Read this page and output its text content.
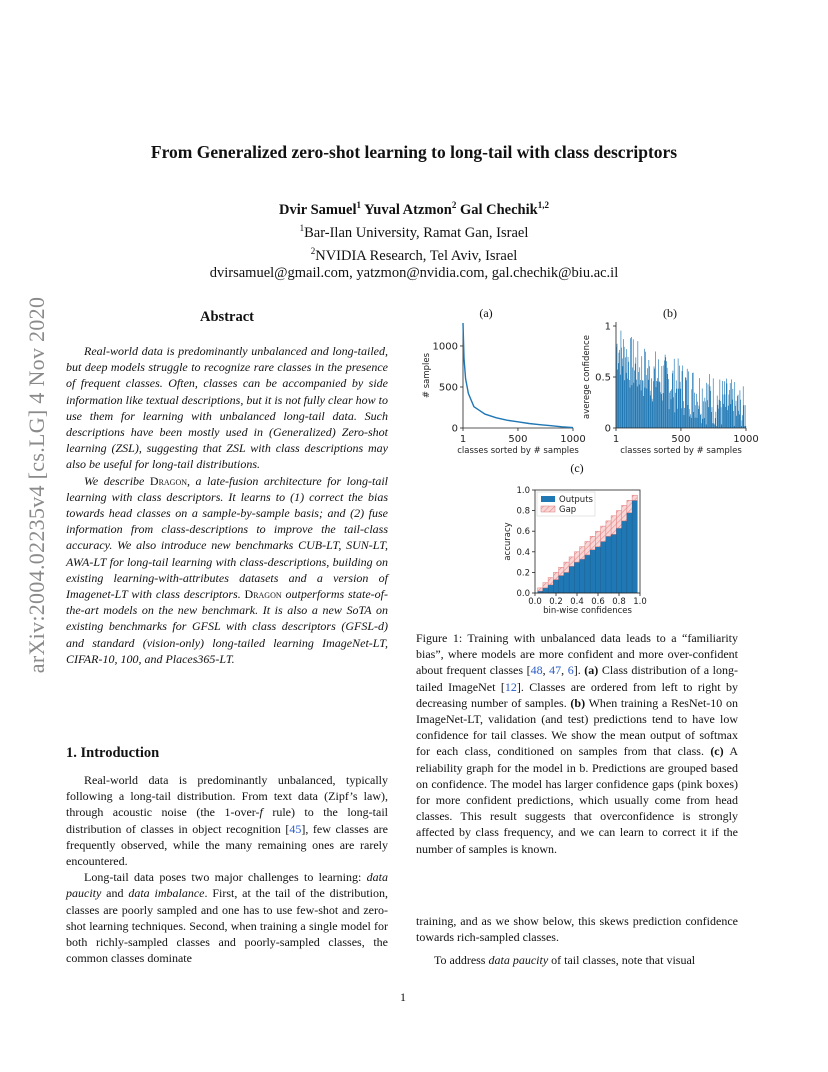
arXiv:2004.02235v4 [cs.LG] 4 Nov 2020
From Generalized zero-shot learning to long-tail with class descriptors
Dvir Samuel$^1$ Yuval Atzmon$^2$ Gal Chechik$^{1,2}$
$^1$Bar-Ilan University, Ramat Gan, Israel
$^2$NVIDIA Research, Tel Aviv, Israel
dvirsamuel@gmail.com, yatzmon@nvidia.com, gal.chechik@biu.ac.il
Abstract

Real-world data is predominantly unbalanced and long-tailed, but deep models struggle to recognize rare classes in the presence of frequent classes. Often, classes can be accompanied by side information like textual descriptions, but it is not fully clear how to use them for learning with unbalanced long-tail data. Such descriptions have been mostly used in (Generalized) Zero-shot learning (ZSL), suggesting that ZSL with class descriptions may also be useful for long-tail distributions.

We describe Dragon, a late-fusion architecture for long-tail learning with class descriptors. It learns to (1) correct the bias towards head classes on a sample-by-sample basis; and (2) fuse information from class-descriptions to improve the tail-class accuracy. We also introduce new benchmarks CUB-LT, SUN-LT, AWA-LT for long-tail learning with class-descriptions, building on existing learning-with-attributes datasets and a version of Imagenet-LT with class descriptors. Dragon outperforms state-of-the-art models on the new benchmark. It is also a new SoTA on existing benchmarks for GFSL with class descriptors (GFSL-d) and standard (vision-only) long-tailed learning ImageNet-LT, CIFAR-10, 100, and Places365-LT.

1. Introduction

Real-world data is predominantly unbalanced, typically following a long-tail distribution. From text data (Zipf’s law), through acoustic noise (the 1-over-f rule) to the long-tail distribution of classes in object recognition [45], few classes are frequently observed, while the many remaining ones are rarely encountered.

Long-tail data poses two major challenges to learning: data paucity and data imbalance. First, at the tail of the distribution, classes are poorly sampled and one has to use few-shot and zero-shot learning techniques. Second, when training a single model for both richly-sampled classes and poorly-sampled classes, the common classes dominate

(a)	(b)
(c)
0
500
1000
1	500	1000
classes sorted by # samples
# samples
0
0.5
1
1	500	1000
classes sorted by # samples
averege confidence
0.0
0.2
0.4
0.6
0.8
1.0
0.0 0.2 0.4 0.6 0.8 1.0
bin-wise confidences
accuracy
Outputs
Gap

Figure 1: Training with unbalanced data leads to a “familiarity bias”, where models are more confident and more over-confident about frequent classes [48, 47, 6]. (a) Class distribution of a long-tailed ImageNet [12]. Classes are ordered from left to right by decreasing number of samples. (b) When training a ResNet-10 on ImageNet-LT, validation (and test) predictions tend to have low confidence for tail classes. We show the mean output of softmax for each class, conditioned on samples from that class. (c) A reliability graph for the model in b. Predictions are grouped based on confidence. The model has larger confidence gaps (pink boxes) for more confident predictions, which usually come from head classes. This result suggests that overconfidence is strongly affected by class frequency, and we can learn to correct it if the number of samples is known.

training, and as we show below, this skews prediction confidence towards rich-sampled classes.

To address data paucity of tail classes, note that visual

1
